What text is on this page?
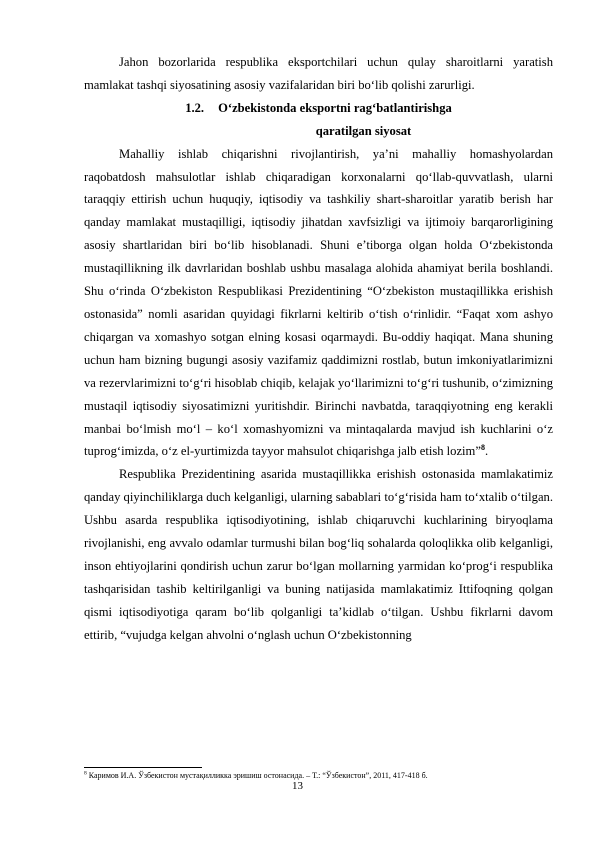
Jahon bozorlarida respublika eksportchilari uchun qulay sharoitlarni yaratish mamlakat tashqi siyosatining asosiy vazifalaridan biri bo‘lib qolishi zarurligi.

1.2. O‘zbekistonda eksportni rag‘batlantirishga
qaratilgan siyosat

Mahalliy ishlab chiqarishni rivojlantirish, ya’ni mahalliy homashyolardan raqobatdosh mahsulotlar ishlab chiqaradigan korxonalarni qo‘llab-quvvatlash, ularni taraqqiy ettirish uchun huquqiy, iqtisodiy va tashkiliy shart-sharoitlar yaratib berish har qanday mamlakat mustaqilligi, iqtisodiy jihatdan xavfsizligi va ijtimoiy barqarorligining asosiy shartlaridan biri bo‘lib hisoblanadi. Shuni e’tiborga olgan holda O‘zbekistonda mustaqillikning ilk davrlaridan boshlab ushbu masalaga alohida ahamiyat berila boshlandi. Shu o‘rinda O‘zbekiston Respublikasi Prezidentining “O‘zbekiston mustaqillikka erishish ostonasida” nomli asaridan quyidagi fikrlarni keltirib o‘tish o‘rinlidir. “Faqat xom ashyo chiqargan va xomashyo sotgan elning kosasi oqarmaydi. Bu-oddiy haqiqat. Mana shuning uchun ham bizning bugungi asosiy vazifamiz qaddimizni rostlab, butun imkoniyatlarimizni va rezervlarimizni to‘g‘ri hisoblab chiqib, kelajak yo‘llarimizni to‘g‘ri tushunib, o‘zimizning mustaqil iqtisodiy siyosatimizni yuritishdir. Birinchi navbatda, taraqqiyotning eng kerakli manbai bo‘lmish mo‘l – ko‘l xomashyomizni va mintaqalarda mavjud ish kuchlarini o‘z tuprog‘imizda, o‘z el-yurtimizda tayyor mahsulot chiqarishga jalb etish lozim”$^8$.

Respublika Prezidentining asarida mustaqillikka erishish ostonasida mamlakatimiz qanday qiyinchiliklarga duch kelganligi, ularning sabablari to‘g‘risida ham to‘xtalib o‘tilgan. Ushbu asarda respublika iqtisodiyotining, ishlab chiqaruvchi kuchlarining biryoqlama rivojlanishi, eng avvalo odamlar turmushi bilan bog‘liq sohalarda qoloqlikka olib kelganligi, inson ehtiyojlarini qondirish uchun zarur bo‘lgan mollarning yarmidan ko‘prog‘i respublika tashqarisidan tashib keltirilganligi va buning natijasida mamlakatimiz Ittifoqning qolgan qismi iqtisodiyotiga qaram bo‘lib qolganligi ta’kidlab o‘tilgan. Ushbu fikrlarni davom ettirib, “vujudga kelgan ahvolni o‘nglash uchun O‘zbekistonning

$^8$ Каримов И.А. Ўзбекистон мустақилликка эришиш остонасида. – Т.: “Ўзбекистон”, 2011, 417-418 б.
13
